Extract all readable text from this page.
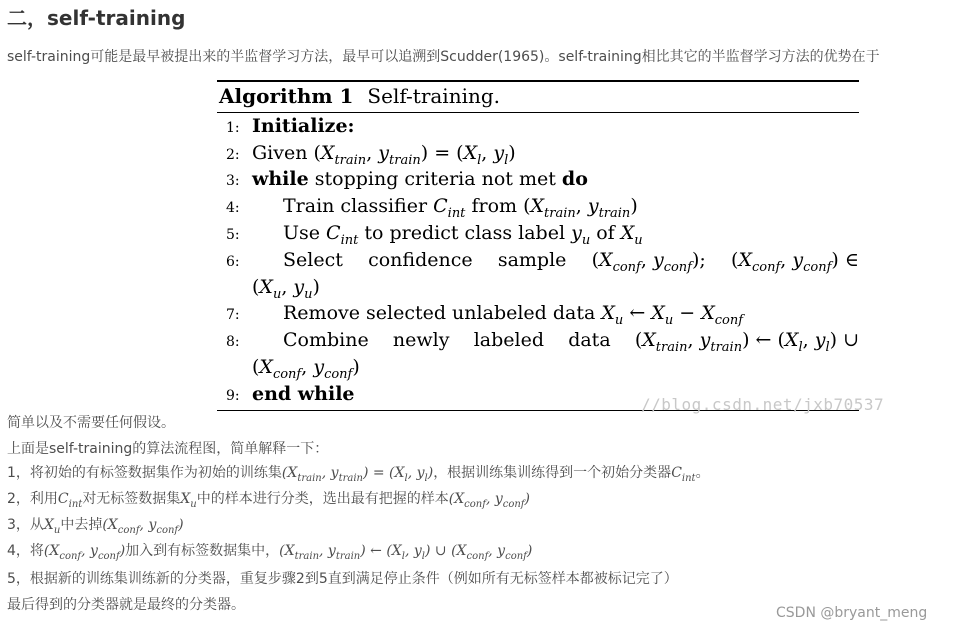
二，self-training
self-training可能是最早被提出来的半监督学习方法，最早可以追溯到Scudder(1965)。self-training相比其它的半监督学习方法的优势在于
Algorithm 1 Self-training.
1: Initialize:
2: Given ($X_{train}$, $y_{train}) = (X_l$, $y_l$)
3: while stopping criteria not met do
4: Train classifier $C_{int}$ from ($X_{train}$, $y_{train}$)
5: Use $C_{int}$ to predict class label $y_u$ of $X_u$
6: Select confidence sample ($X_{conf}$, $y_{conf}$); ($X_{conf}$, $y_{conf}$) ∈
($X_u$, $y_u$)
7: Remove selected unlabeled data $X_u$ ← $X_u - X_{conf}$
8: Combine newly labeled data ($X_{train}$, $y_{train}$) ← ($X_l$, $y_l$) ∪
($X_{conf}$, $y_{conf}$)
9: end while	//blog.csdn.net/jxb70537
简单以及不需要任何假设。
上面是self-training的算法流程图，简单解释一下：
1，将初始的有标签数据集作为初始的训练集($X_{train}$, $y_{train}) = (X_l$, $y_l$)，根据训练集训练得到一个初始分类器$C_{int}$。
2，利用$C_{int}$对无标签数据集$X_u$中的样本进行分类，选出最有把握的样本($X_{conf}$, $y_{conf}$)
3，从$X_u$中去掉($X_{conf}$, $y_{conf}$)
4，将($X_{conf}$, $y_{conf}$)加入到有标签数据集中，($X_{train}$, $y_{train}$) ← ($X_l$, $y_l$) ∪ ($X_{conf}$, $y_{conf}$)
5，根据新的训练集训练新的分类器，重复步骤2到5直到满足停止条件（例如所有无标签样本都被标记完了）
最后得到的分类器就是最终的分类器。	CSDN @bryant_meng
